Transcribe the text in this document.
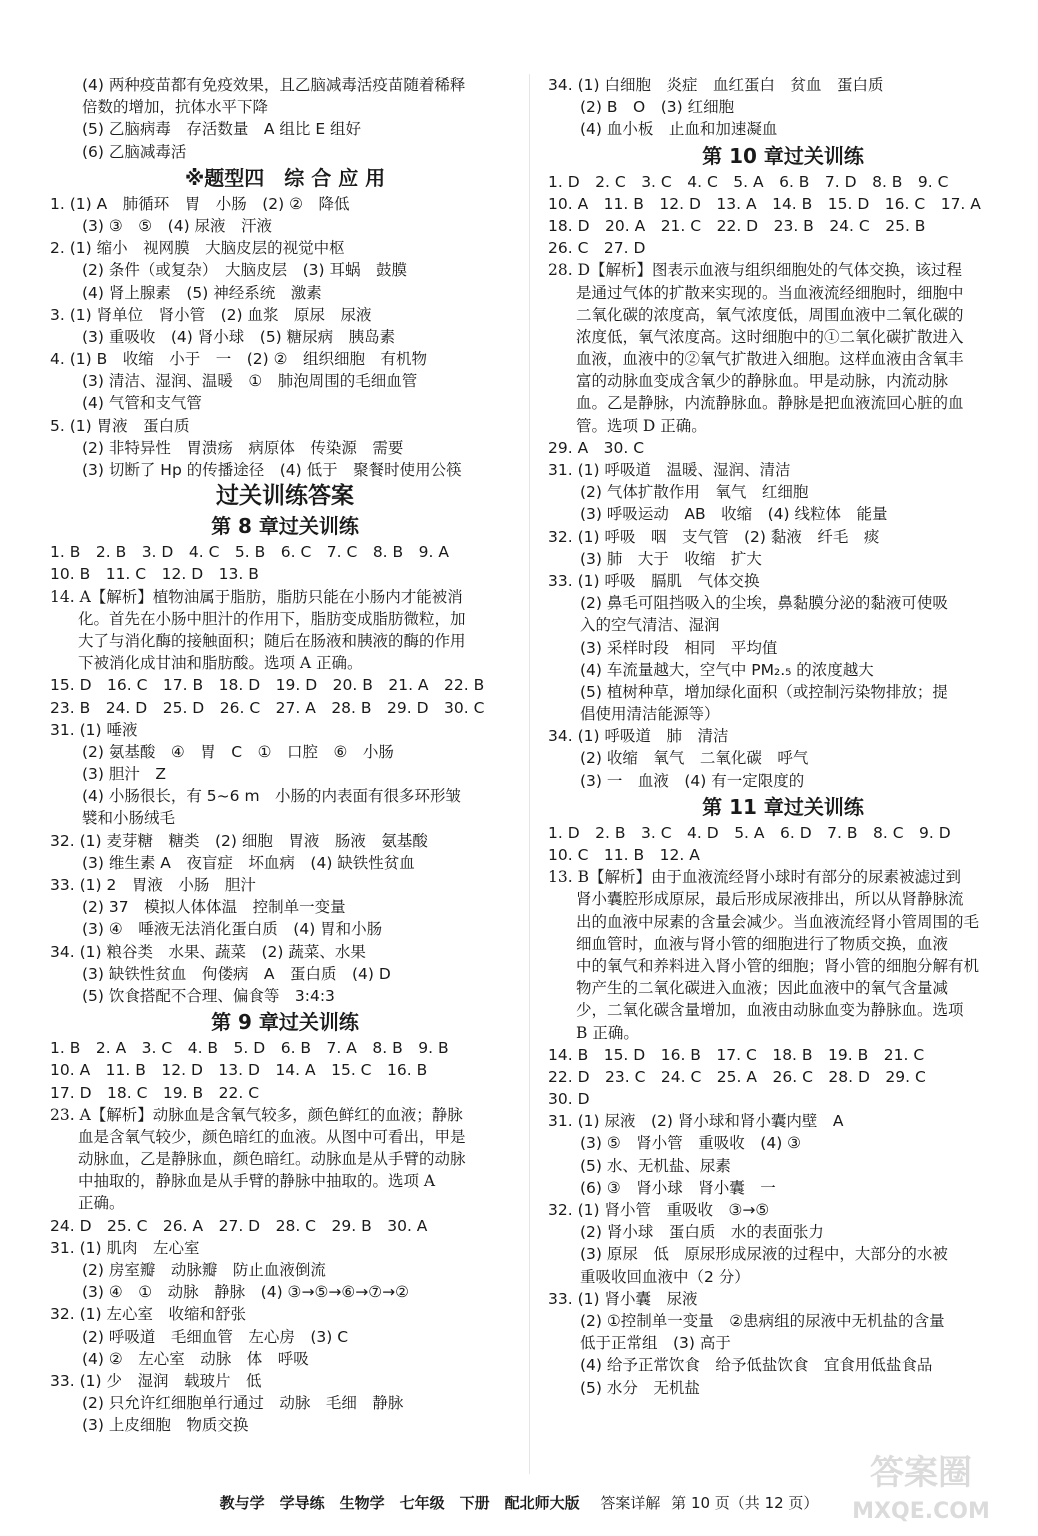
(4) 两种疫苗都有免疫效果，且乙脑减毒活疫苗随着稀释
倍数的增加，抗体水平下降
(5) 乙脑病毒　存活数量　A 组比 E 组好
(6) 乙脑减毒活
※题型四　综 合 应 用
1. (1) A　肺循环　胃　小肠　(2) ②　降低
(3) ③　⑤　(4) 尿液　汗液
2. (1) 缩小　视网膜　大脑皮层的视觉中枢
(2) 条件（或复杂）　大脑皮层　(3) 耳蜗　鼓膜
(4) 肾上腺素　(5) 神经系统　激素
3. (1) 肾单位　肾小管　(2) 血浆　原尿　尿液
(3) 重吸收　(4) 肾小球　(5) 糖尿病　胰岛素
4. (1) B　收缩　小于　一　(2) ②　组织细胞　有机物
(3) 清洁、湿润、温暖　①　肺泡周围的毛细血管
(4) 气管和支气管
5. (1) 胃液　蛋白质
(2) 非特异性　胃溃疡　病原体　传染源　需要
(3) 切断了 Hp 的传播途径　(4) 低于　聚餐时使用公筷
过关训练答案
第 8 章过关训练
1. B　2. B　3. D　4. C　5. B　6. C　7. C　8. B　9. A
10. B　11. C　12. D　13. B
14. A【解析】植物油属于脂肪，脂肪只能在小肠内才能被消
化。首先在小肠中胆汁的作用下，脂肪变成脂肪微粒，加
大了与消化酶的接触面积；随后在肠液和胰液的酶的作用
下被消化成甘油和脂肪酸。选项 A 正确。
15. D　16. C　17. B　18. D　19. D　20. B　21. A　22. B
23. B　24. D　25. D　26. C　27. A　28. B　29. D　30. C
31. (1) 唾液
(2) 氨基酸　④　胃　C　①　口腔　⑥　小肠
(3) 胆汁　Z
(4) 小肠很长，有 5~6 m　小肠的内表面有很多环形皱
襞和小肠绒毛
32. (1) 麦芽糖　糖类　(2) 细胞　胃液　肠液　氨基酸
(3) 维生素 A　夜盲症　坏血病　(4) 缺铁性贫血
33. (1) 2　胃液　小肠　胆汁
(2) 37　模拟人体体温　控制单一变量
(3) ④　唾液无法消化蛋白质　(4) 胃和小肠
34. (1) 粮谷类　水果、蔬菜　(2) 蔬菜、水果
(3) 缺铁性贫血　佝偻病　A　蛋白质　(4) D
(5) 饮食搭配不合理、偏食等　3:4:3
第 9 章过关训练
1. B　2. A　3. C　4. B　5. D　6. B　7. A　8. B　9. B
10. A　11. B　12. D　13. D　14. A　15. C　16. B
17. D　18. C　19. B　22. C
23. A【解析】动脉血是含氧气较多，颜色鲜红的血液；静脉
血是含氧气较少，颜色暗红的血液。从图中可看出，甲是
动脉血，乙是静脉血，颜色暗红。动脉血是从手臂的动脉
中抽取的，静脉血是从手臂的静脉中抽取的。选项 A
正确。
24. D　25. C　26. A　27. D　28. C　29. B　30. A
31. (1) 肌肉　左心室
(2) 房室瓣　动脉瓣　防止血液倒流
(3) ④　①　动脉　静脉　(4) ③→⑤→⑥→⑦→②
32. (1) 左心室　收缩和舒张
(2) 呼吸道　毛细血管　左心房　(3) C
(4) ②　左心室　动脉　体　呼吸
33. (1) 少　湿润　载玻片　低
(2) 只允许红细胞单行通过　动脉　毛细　静脉
(3) 上皮细胞　物质交换
34. (1) 白细胞　炎症　血红蛋白　贫血　蛋白质
(2) B　O　(3) 红细胞
(4) 血小板　止血和加速凝血
第 10 章过关训练
1. D　2. C　3. C　4. C　5. A　6. B　7. D　8. B　9. C
10. A　11. B　12. D　13. A　14. B　15. D　16. C　17. A
18. D　20. A　21. C　22. D　23. B　24. C　25. B
26. C　27. D
28. D【解析】图表示血液与组织细胞处的气体交换，该过程
是通过气体的扩散来实现的。当血液流经细胞时，细胞中
二氧化碳的浓度高，氧气浓度低，周围血液中二氧化碳的
浓度低，氧气浓度高。这时细胞中的①二氧化碳扩散进入
血液，血液中的②氧气扩散进入细胞。这样血液由含氧丰
富的动脉血变成含氧少的静脉血。甲是动脉，内流动脉
血。乙是静脉，内流静脉血。静脉是把血液流回心脏的血
管。选项 D 正确。
29. A　30. C
31. (1) 呼吸道　温暖、湿润、清洁
(2) 气体扩散作用　氧气　红细胞
(3) 呼吸运动　AB　收缩　(4) 线粒体　能量
32. (1) 呼吸　咽　支气管　(2) 黏液　纤毛　痰
(3) 肺　大于　收缩　扩大
33. (1) 呼吸　膈肌　气体交换
(2) 鼻毛可阻挡吸入的尘埃，鼻黏膜分泌的黏液可使吸
入的空气清洁、湿润
(3) 采样时段　相同　平均值
(4) 车流量越大，空气中 PM₂.₅ 的浓度越大
(5) 植树种草，增加绿化面积（或控制污染物排放；提
倡使用清洁能源等）
34. (1) 呼吸道　肺　清洁
(2) 收缩　氧气　二氧化碳　呼气
(3) 一　血液　(4) 有一定限度的
第 11 章过关训练
1. D　2. B　3. C　4. D　5. A　6. D　7. B　8. C　9. D
10. C　11. B　12. A
13. B【解析】由于血液流经肾小球时有部分的尿素被滤过到
肾小囊腔形成原尿，最后形成尿液排出，所以从肾静脉流
出的血液中尿素的含量会减少。当血液流经肾小管周围的毛
细血管时，血液与肾小管的细胞进行了物质交换，血液
中的氧气和养料进入肾小管的细胞；肾小管的细胞分解有机
物产生的二氧化碳进入血液；因此血液中的氧气含量减
少，二氧化碳含量增加，血液由动脉血变为静脉血。选项
B 正确。
14. B　15. D　16. B　17. C　18. B　19. B　21. C
22. D　23. C　24. C　25. A　26. C　28. D　29. C
30. D
31. (1) 尿液　(2) 肾小球和肾小囊内壁　A
(3) ⑤　肾小管　重吸收　(4) ③
(5) 水、无机盐、尿素
(6) ③　肾小球　肾小囊　一
32. (1) 肾小管　重吸收　③→⑤
(2) 肾小球　蛋白质　水的表面张力
(3) 原尿　低　原尿形成尿液的过程中，大部分的水被
重吸收回血液中（2 分）
33. (1) 肾小囊　尿液
(2) ①控制单一变量　②患病组的尿液中无机盐的含量
低于正常组　(3) 高于
(4) 给予正常饮食　给予低盐饮食　宜食用低盐食品
(5) 水分　无机盐
教与学　学导练　生物学　七年级　下册　配北师大版 答案详解 第 10 页（共 12 页）
答案圈
MXQE.COM
